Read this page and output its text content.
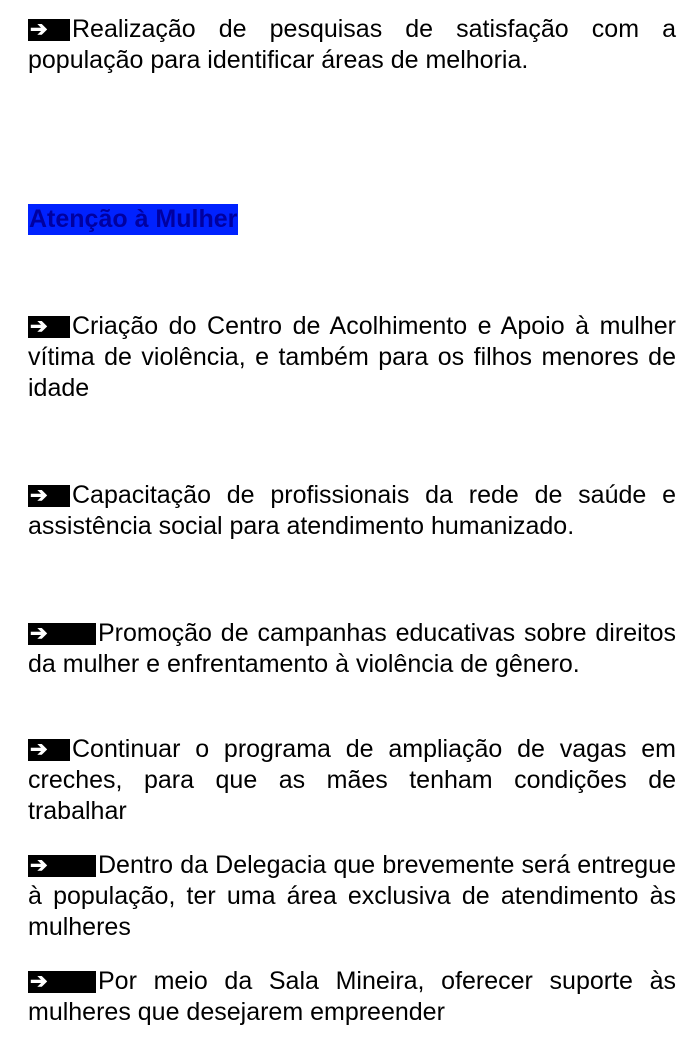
➔ Realização de pesquisas de satisfação com a população para identificar áreas de melhoria.

Atenção à Mulher

➔ Criação do Centro de Acolhimento e Apoio à mulher vítima de violência, e também para os filhos menores de idade

➔ Capacitação de profissionais da rede de saúde e assistência social para atendimento humanizado.

➔ Promoção de campanhas educativas sobre direitos da mulher e enfrentamento à violência de gênero.

➔ Continuar o programa de ampliação de vagas em creches, para que as mães tenham condições de trabalhar

➔ Dentro da Delegacia que brevemente será entregue à população, ter uma área exclusiva de atendimento às mulheres

➔ Por meio da Sala Mineira, oferecer suporte às mulheres que desejarem empreender
